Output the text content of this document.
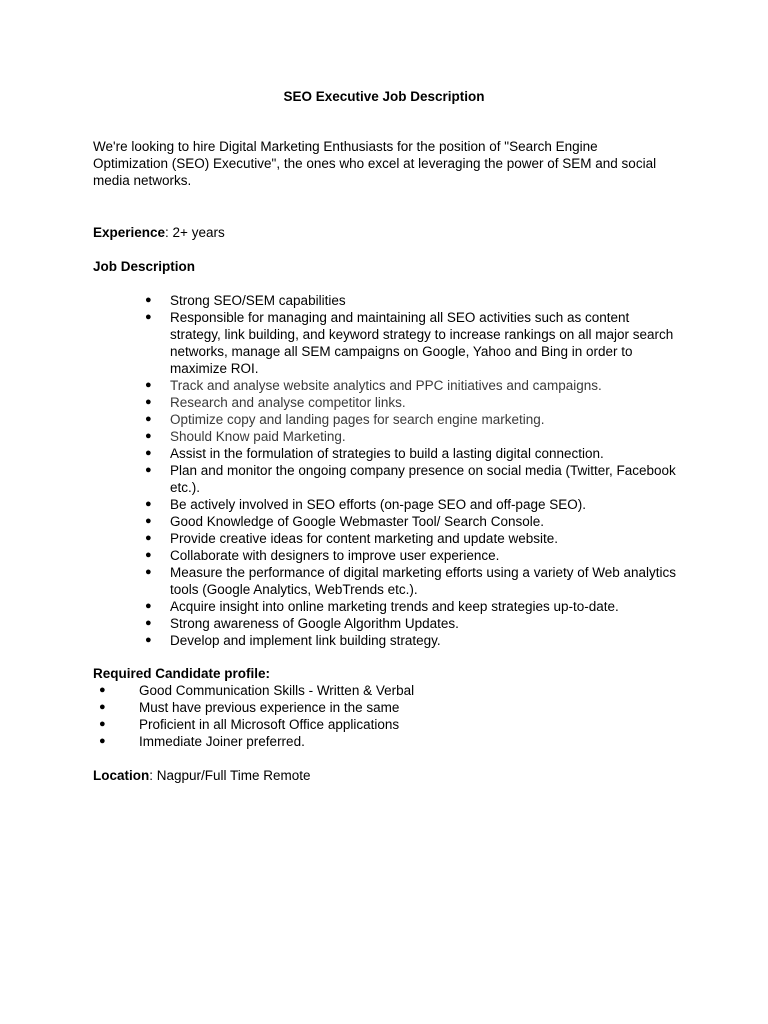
SEO Executive Job Description
We're looking to hire Digital Marketing Enthusiasts for the position of "Search Engine Optimization (SEO) Executive", the ones who excel at leveraging the power of SEM and social media networks.
Experience: 2+ years
Job Description
● Strong SEO/SEM capabilities
● Responsible for managing and maintaining all SEO activities such as content strategy, link building, and keyword strategy to increase rankings on all major search networks, manage all SEM campaigns on Google, Yahoo and Bing in order to maximize ROI.
● Track and analyse website analytics and PPC initiatives and campaigns.
● Research and analyse competitor links.
● Optimize copy and landing pages for search engine marketing.
● Should Know paid Marketing.
● Assist in the formulation of strategies to build a lasting digital connection.
● Plan and monitor the ongoing company presence on social media (Twitter, Facebook etc.).
● Be actively involved in SEO efforts (on-page SEO and off-page SEO).
● Good Knowledge of Google Webmaster Tool/ Search Console.
● Provide creative ideas for content marketing and update website.
● Collaborate with designers to improve user experience.
● Measure the performance of digital marketing efforts using a variety of Web analytics tools (Google Analytics, WebTrends etc.).
● Acquire insight into online marketing trends and keep strategies up-to-date.
● Strong awareness of Google Algorithm Updates.
● Develop and implement link building strategy.
Required Candidate profile:
● Good Communication Skills - Written & Verbal
● Must have previous experience in the same
● Proficient in all Microsoft Office applications
● Immediate Joiner preferred.
Location: Nagpur/Full Time Remote
